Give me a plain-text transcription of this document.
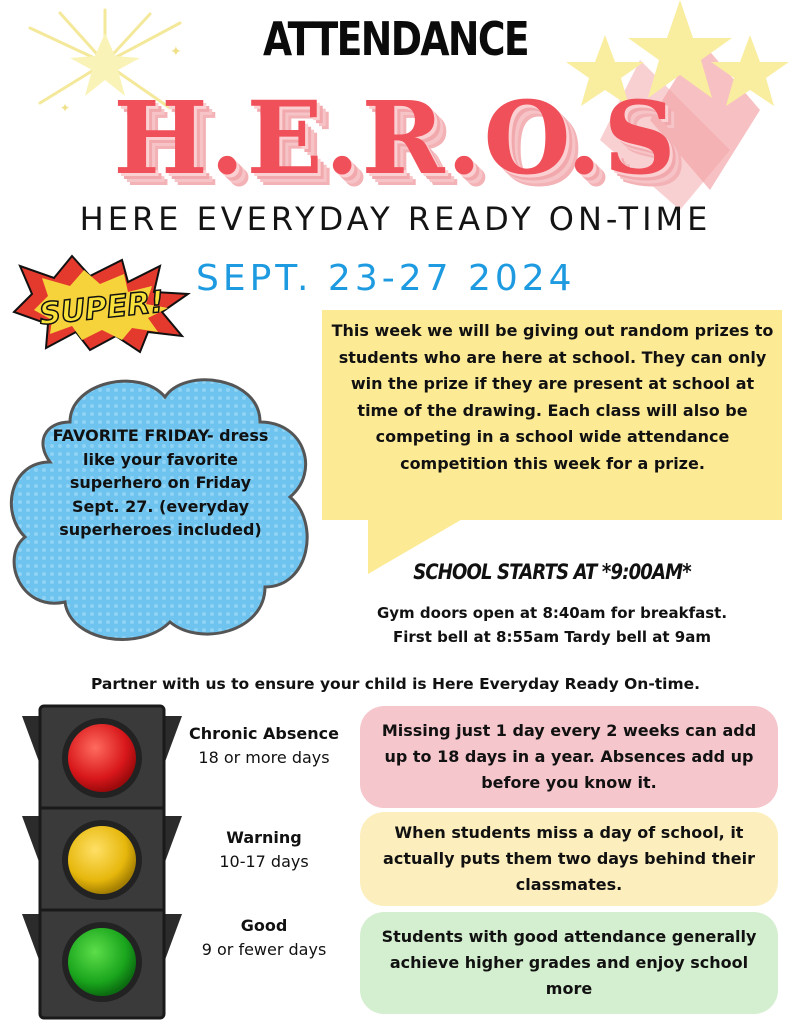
✦
✦
ATTENDANCE
H.E.R.O.S
HERE EVERYDAY READY ON-TIME
SUPER!
SEPT. 23-27 2024
This week we will be giving out random prizes to students who are here at school. They can only win the prize if they are present at school at time of the drawing. Each class will also be competing in a school wide attendance competition this week for a prize.
FAVORITE FRIDAY- dress like your favorite superhero on Friday Sept. 27. (everyday superheroes included)
SCHOOL STARTS AT *9:00AM*
Gym doors open at 8:40am for breakfast.
First bell at 8:55am Tardy bell at 9am
Partner with us to ensure your child is Here Everyday Ready On-time.
Chronic Absence
18 or more days
Warning
10-17 days
Good
9 or fewer days
Missing just 1 day every 2 weeks can add up to 18 days in a year. Absences add up before you know it.
When students miss a day of school, it actually puts them two days behind their classmates.
Students with good attendance generally achieve higher grades and enjoy school more
